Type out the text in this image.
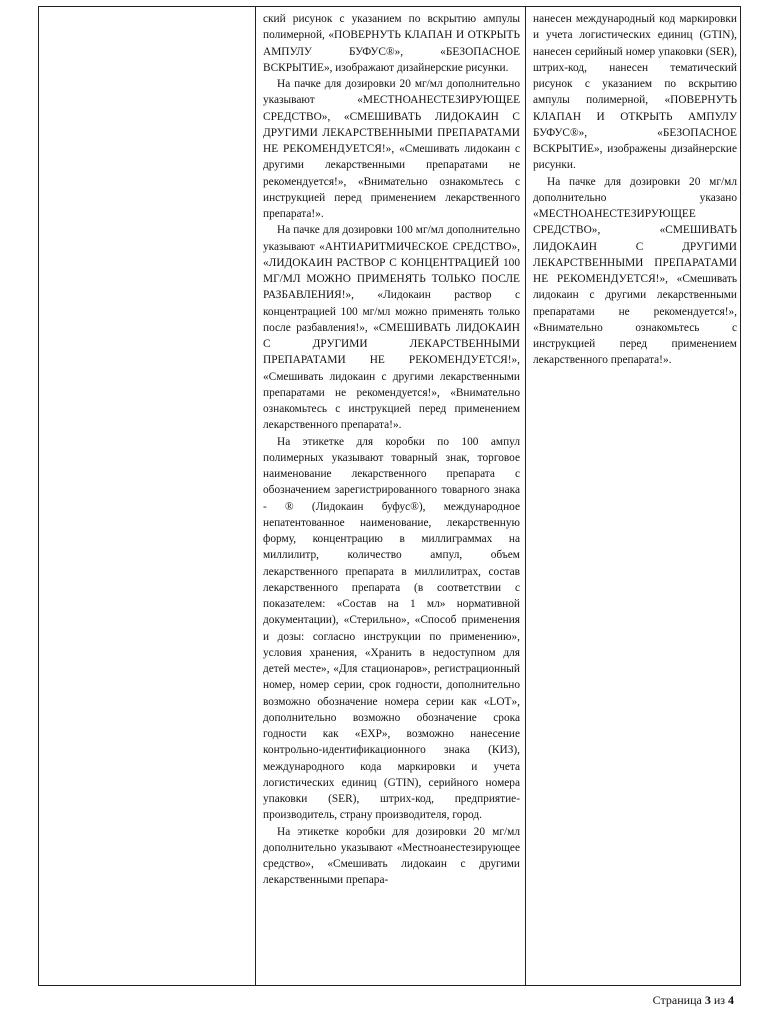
ский рисунок с указанием по вскрытию ампулы полимерной, «ПОВЕРНУТЬ КЛАПАН И ОТКРЫТЬ АМПУЛУ БУФУС®», «БЕЗОПАСНОЕ ВСКРЫТИЕ», изображают дизайнерские рисунки.

На пачке для дозировки 20 мг/мл дополнительно указывают «МЕСТНОАНЕСТЕЗИРУЮЩЕЕ СРЕДСТВО», «СМЕШИВАТЬ ЛИДОКАИН С ДРУГИМИ ЛЕКАРСТВЕННЫМИ ПРЕПАРАТАМИ НЕ РЕКОМЕНДУЕТСЯ!», «Смешивать лидокаин с другими лекарственными препаратами не рекомендуется!», «Внимательно ознакомьтесь с инструкцией перед применением лекарственного препарата!».

На пачке для дозировки 100 мг/мл дополнительно указывают «АНТИАРИТМИЧЕСКОЕ СРЕДСТВО», «ЛИДОКАИН РАСТВОР С КОНЦЕНТРАЦИЕЙ 100 МГ/МЛ МОЖНО ПРИМЕНЯТЬ ТОЛЬКО ПОСЛЕ РАЗБАВЛЕНИЯ!», «Лидокаин раствор с концентрацией 100 мг/мл можно применять только после разбавления!», «СМЕШИВАТЬ ЛИДОКАИН С ДРУГИМИ ЛЕКАРСТВЕННЫМИ ПРЕПАРАТАМИ НЕ РЕКОМЕНДУЕТСЯ!», «Смешивать лидокаин с другими лекарственными препаратами не рекомендуется!», «Внимательно ознакомьтесь с инструкцией перед применением лекарственного препарата!».

На этикетке для коробки по 100 ампул полимерных указывают товарный знак, торговое наименование лекарственного препарата с обозначением зарегистрированного товарного знака - ® (Лидокаин буфус®), международное непатентованное наименование, лекарственную форму, концентрацию в миллиграммах на миллилитр, количество ампул, объем лекарственного препарата в миллилитрах, состав лекарственного препарата (в соответствии с показателем: «Состав на 1 мл» нормативной документации), «Стерильно», «Способ применения и дозы: согласно инструкции по применению», условия хранения, «Хранить в недоступном для детей месте», «Для стационаров», регистрационный номер, номер серии, срок годности, дополнительно возможно обозначение номера серии как «LOT», дополнительно возможно обозначение срока годности как «EXP», возможно нанесение контрольно-идентификационного знака (КИЗ), международного кода маркировки и учета логистических единиц (GTIN), серийного номера упаковки (SER), штрих-код, предприятие-производитель, страну производителя, город.

На этикетке коробки для дозировки 20 мг/мл дополнительно указывают «Местноанестезирующее средство», «Смешивать лидокаин с другими лекарственными препара-

нанесен международный код маркировки и учета логистических единиц (GTIN), нанесен серийный номер упаковки (SER), штрих-код, нанесен тематический рисунок с указанием по вскрытию ампулы полимерной, «ПОВЕРНУТЬ КЛАПАН И ОТКРЫТЬ АМПУЛУ БУФУС®», «БЕЗОПАСНОЕ ВСКРЫТИЕ», изображены дизайнерские рисунки.

На пачке для дозировки 20 мг/мл дополнительно указано «МЕСТНОАНЕСТЕЗИРУЮЩЕЕ СРЕДСТВО», «СМЕШИВАТЬ ЛИДОКАИН С ДРУГИМИ ЛЕКАРСТВЕННЫМИ ПРЕПАРАТАМИ НЕ РЕКОМЕНДУЕТСЯ!», «Смешивать лидокаин с другими лекарственными препаратами не рекомендуется!», «Внимательно ознакомьтесь с инструкцией перед применением лекарственного препарата!».

Страница 3 из 4
